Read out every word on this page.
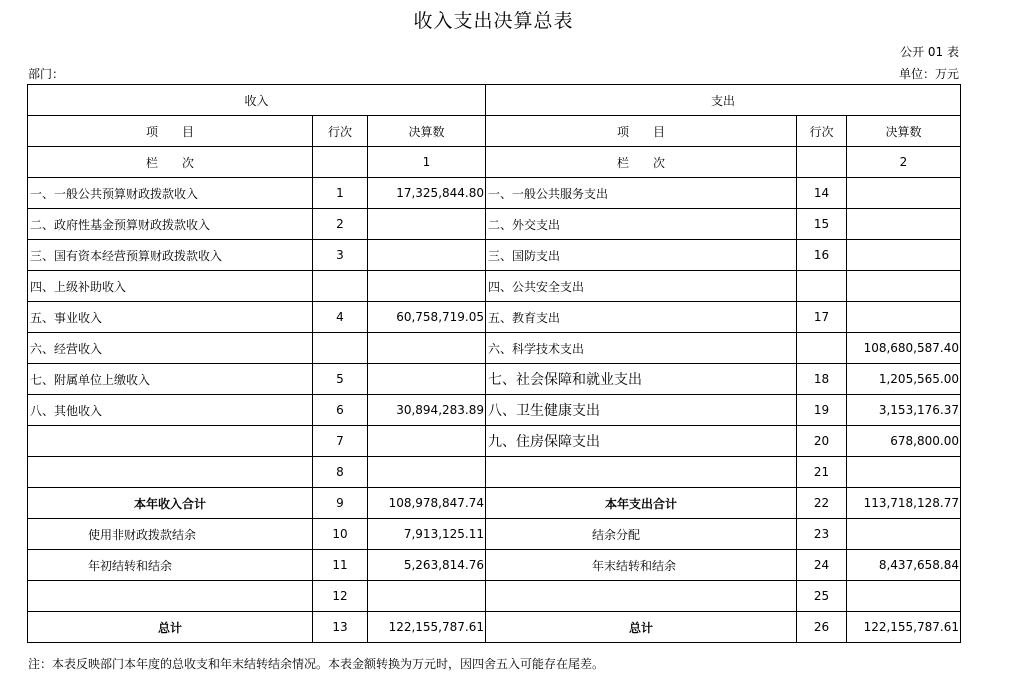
收入支出决算总表
公开 01 表
部门：	单位：万元
收入			支出		
项　　目	行次	决算数	项　　目	行次	决算数
栏　　次		1	栏　　次		2
一、一般公共预算财政拨款收入	1	17,325,844.80	一、一般公共服务支出	14	
二、政府性基金预算财政拨款收入	2		二、外交支出	15	
三、国有资本经营预算财政拨款收入	3		三、国防支出	16	
四、上级补助收入			四、公共安全支出		
五、事业收入	4	60,758,719.05	五、教育支出	17	
六、经营收入			六、科学技术支出		108,680,587.40
七、附属单位上缴收入	5		七、社会保障和就业支出	18	1,205,565.00
八、其他收入	6	30,894,283.89	八、卫生健康支出	19	3,153,176.37
	7		九、住房保障支出	20	678,800.00
	8			21	
本年收入合计	9	108,978,847.74	本年支出合计	22	113,718,128.77
使用非财政拨款结余	10	7,913,125.11	结余分配	23	
年初结转和结余	11	5,263,814.76	年末结转和结余	24	8,437,658.84
	12			25	
总计	13	122,155,787.61	总计	26	122,155,787.61
注：本表反映部门本年度的总收支和年末结转结余情况。本表金额转换为万元时，因四舍五入可能存在尾差。
